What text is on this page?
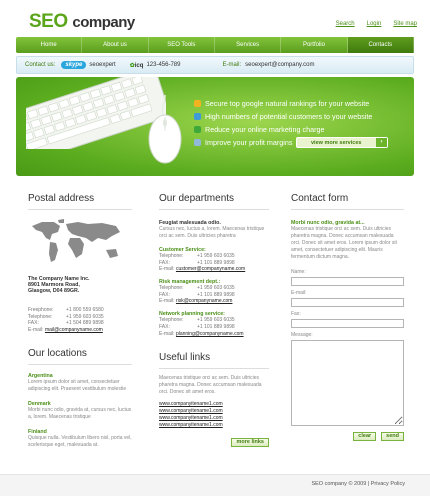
SEO company	Search Login Site map
Home	About us	SEO Tools	Services	Portfolio	Contacts
Contact us:	skype	seoexpert ✿icq 123-456-789	E-mail: seoexpert@company.com
Secure top google natural rankings for your website
High numbers of potential customers to your website
Reduce your online marketing charge
Improve your profit margins	view more services	›
Postal address
The Company Name Inc.
8901 Marmora Road,
Glasgow, D04 89GR.
Freephone:	+1 800 559 6580
Telephone:	+1 959 603 6035
FAX:	+1 504 889 9898
E-mail:
mail@companyname.com
Our locations
Argentina
Lorem ipsum dolor sit amet, consectetuer adipiscing elit. Praesent vestibulum molestie
Denmark
Morbi nunc odio, gravida at, cursus nec, luctus a, lorem. Maecenas tristique
Finland
Quisque nulla. Vestibulum libero nisl, porta vel, scelerisque eget, malesuada at.
Our departments
Feugiat malesuada odio.
Cursus nec, luctus a, lorem. Maecenas tristique orci ac sem. Duis ultricies pharetra
Customer Service:
Telephone:	+1 959 603 6035
FAX:	+1 101 889 9898
E-mail:
customer@companyname.com
Risk management dept.:
Telephone:	+1 959 603 6035
FAX:	+1 101 889 9898
E-mail:
risk@companyname.com
Network planning service:
Telephone:	+1 959 603 6035
FAX:	+1 101 889 9898
E-mail:
planning@companyname.com
Useful links
Maecenas tristique orci ac sem. Duis ultricies pharetra magna. Donec accumsan malesuada orci. Donec sit amet eros.
www.companyitename1.com
www.companyitename1.com
www.companyitename1.com
www.companyitename1.com
more links
Contact form
Morbi nunc odio, gravida at...
Maecenas tristique orci ac sem. Duis ultricies pharetra magna. Donec accumsan malesuada orci. Donec sit amet eros. Lorem ipsum dolor sit amet, consectetuer adipiscing elit. Mauris fermentum dictum magna.
Name:
E-mail:
Fax:
Message:
clear	send
SEO company © 2009 | Privacy Policy
